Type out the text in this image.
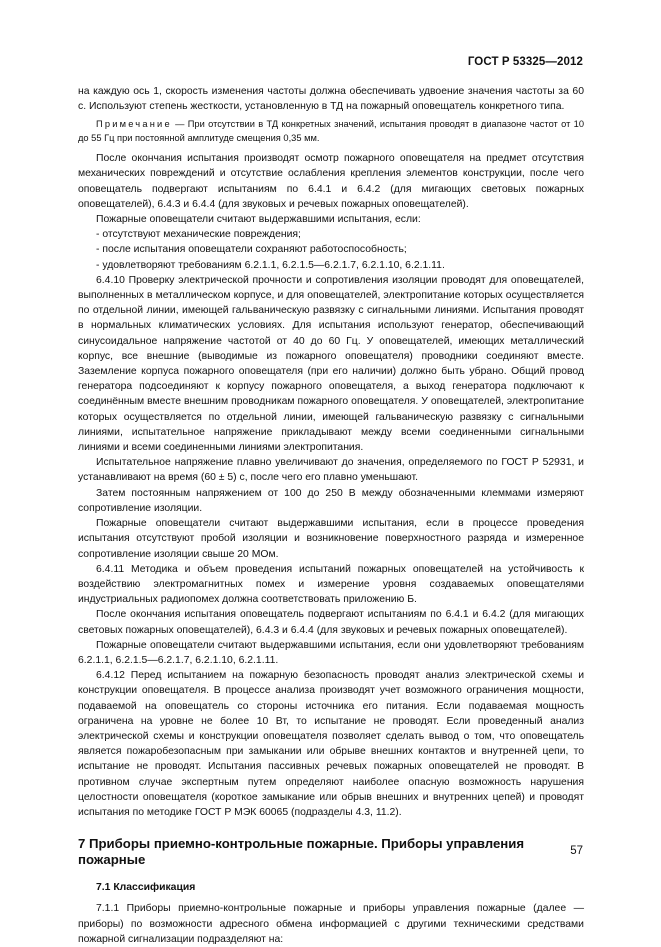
ГОСТ Р 53325—2012

на каждую ось 1, скорость изменения частоты должна обеспечивать удвоение значения частоты за 60 с. Используют степень жесткости, установленную в ТД на пожарный оповещатель конкретного типа.

Примечание — При отсутствии в ТД конкретных значений, испытания проводят в диапазоне частот от 10 до 55 Гц при постоянной амплитуде смещения 0,35 мм.

После окончания испытания производят осмотр пожарного оповещателя на предмет отсутствия механических повреждений и отсутствие ослабления крепления элементов конструкции, после чего оповещатель подвергают испытаниям по 6.4.1 и 6.4.2 (для мигающих световых пожарных оповещателей), 6.4.3 и 6.4.4 (для звуковых и речевых пожарных оповещателей).

Пожарные оповещатели считают выдержавшими испытания, если:

- отсутствуют механические повреждения;

- после испытания оповещатели сохраняют работоспособность;

- удовлетворяют требованиям 6.2.1.1, 6.2.1.5—6.2.1.7, 6.2.1.10, 6.2.1.11.

6.4.10 Проверку электрической прочности и сопротивления изоляции проводят для оповещателей, выполненных в металлическом корпусе, и для оповещателей, электропитание которых осуществляется по отдельной линии, имеющей гальваническую развязку с сигнальными линиями. Испытания проводят в нормальных климатических условиях. Для испытания используют генератор, обеспечивающий синусоидальное напряжение частотой от 40 до 60 Гц. У оповещателей, имеющих металлический корпус, все внешние (выводимые из пожарного оповещателя) проводники соединяют вместе. Заземление корпуса пожарного оповещателя (при его наличии) должно быть убрано. Общий провод генератора подсоединяют к корпусу пожарного оповещателя, а выход генератора подключают к соединённым вместе внешним проводникам пожарного оповещателя. У оповещателей, электропитание которых осуществляется по отдельной линии, имеющей гальваническую развязку с сигнальными линиями, испытательное напряжение прикладывают между всеми соединенными сигнальными линиями и всеми соединенными линиями электропитания.

Испытательное напряжение плавно увеличивают до значения, определяемого по ГОСТ Р 52931, и устанавливают на время (60 ± 5) с, после чего его плавно уменьшают.

Затем постоянным напряжением от 100 до 250 В между обозначенными клеммами измеряют сопротивление изоляции.

Пожарные оповещатели считают выдержавшими испытания, если в процессе проведения испытания отсутствуют пробой изоляции и возникновение поверхностного разряда и измеренное сопротивление изоляции свыше 20 МОм.

6.4.11 Методика и объем проведения испытаний пожарных оповещателей на устойчивость к воздействию электромагнитных помех и измерение уровня создаваемых оповещателями индустриальных радиопомех должна соответствовать приложению Б.

После окончания испытания оповещатель подвергают испытаниям по 6.4.1 и 6.4.2 (для мигающих световых пожарных оповещателей), 6.4.3 и 6.4.4 (для звуковых и речевых пожарных оповещателей).

Пожарные оповещатели считают выдержавшими испытания, если они удовлетворяют требованиям 6.2.1.1, 6.2.1.5—6.2.1.7, 6.2.1.10, 6.2.1.11.

6.4.12 Перед испытанием на пожарную безопасность проводят анализ электрической схемы и конструкции оповещателя. В процессе анализа производят учет возможного ограничения мощности, подаваемой на оповещатель со стороны источника его питания. Если подаваемая мощность ограничена на уровне не более 10 Вт, то испытание не проводят. Если проведенный анализ электрической схемы и конструкции оповещателя позволяет сделать вывод о том, что оповещатель является пожаробезопасным при замыкании или обрыве внешних контактов и внутренней цепи, то испытание не проводят. Испытания пассивных речевых пожарных оповещателей не проводят. В противном случае экспертным путем определяют наиболее опасную возможность нарушения целостности оповещателя (короткое замыкание или обрыв внешних и внутренних цепей) и проводят испытания по методике ГОСТ Р МЭК 60065 (подразделы 4.3, 11.2).

7 Приборы приемно-контрольные пожарные. Приборы управления пожарные
7.1 Классификация

7.1.1 Приборы приемно-контрольные пожарные и приборы управления пожарные (далее — приборы) по возможности адресного обмена информацией с другими техническими средствами пожарной сигнализации подразделяют на:

57
